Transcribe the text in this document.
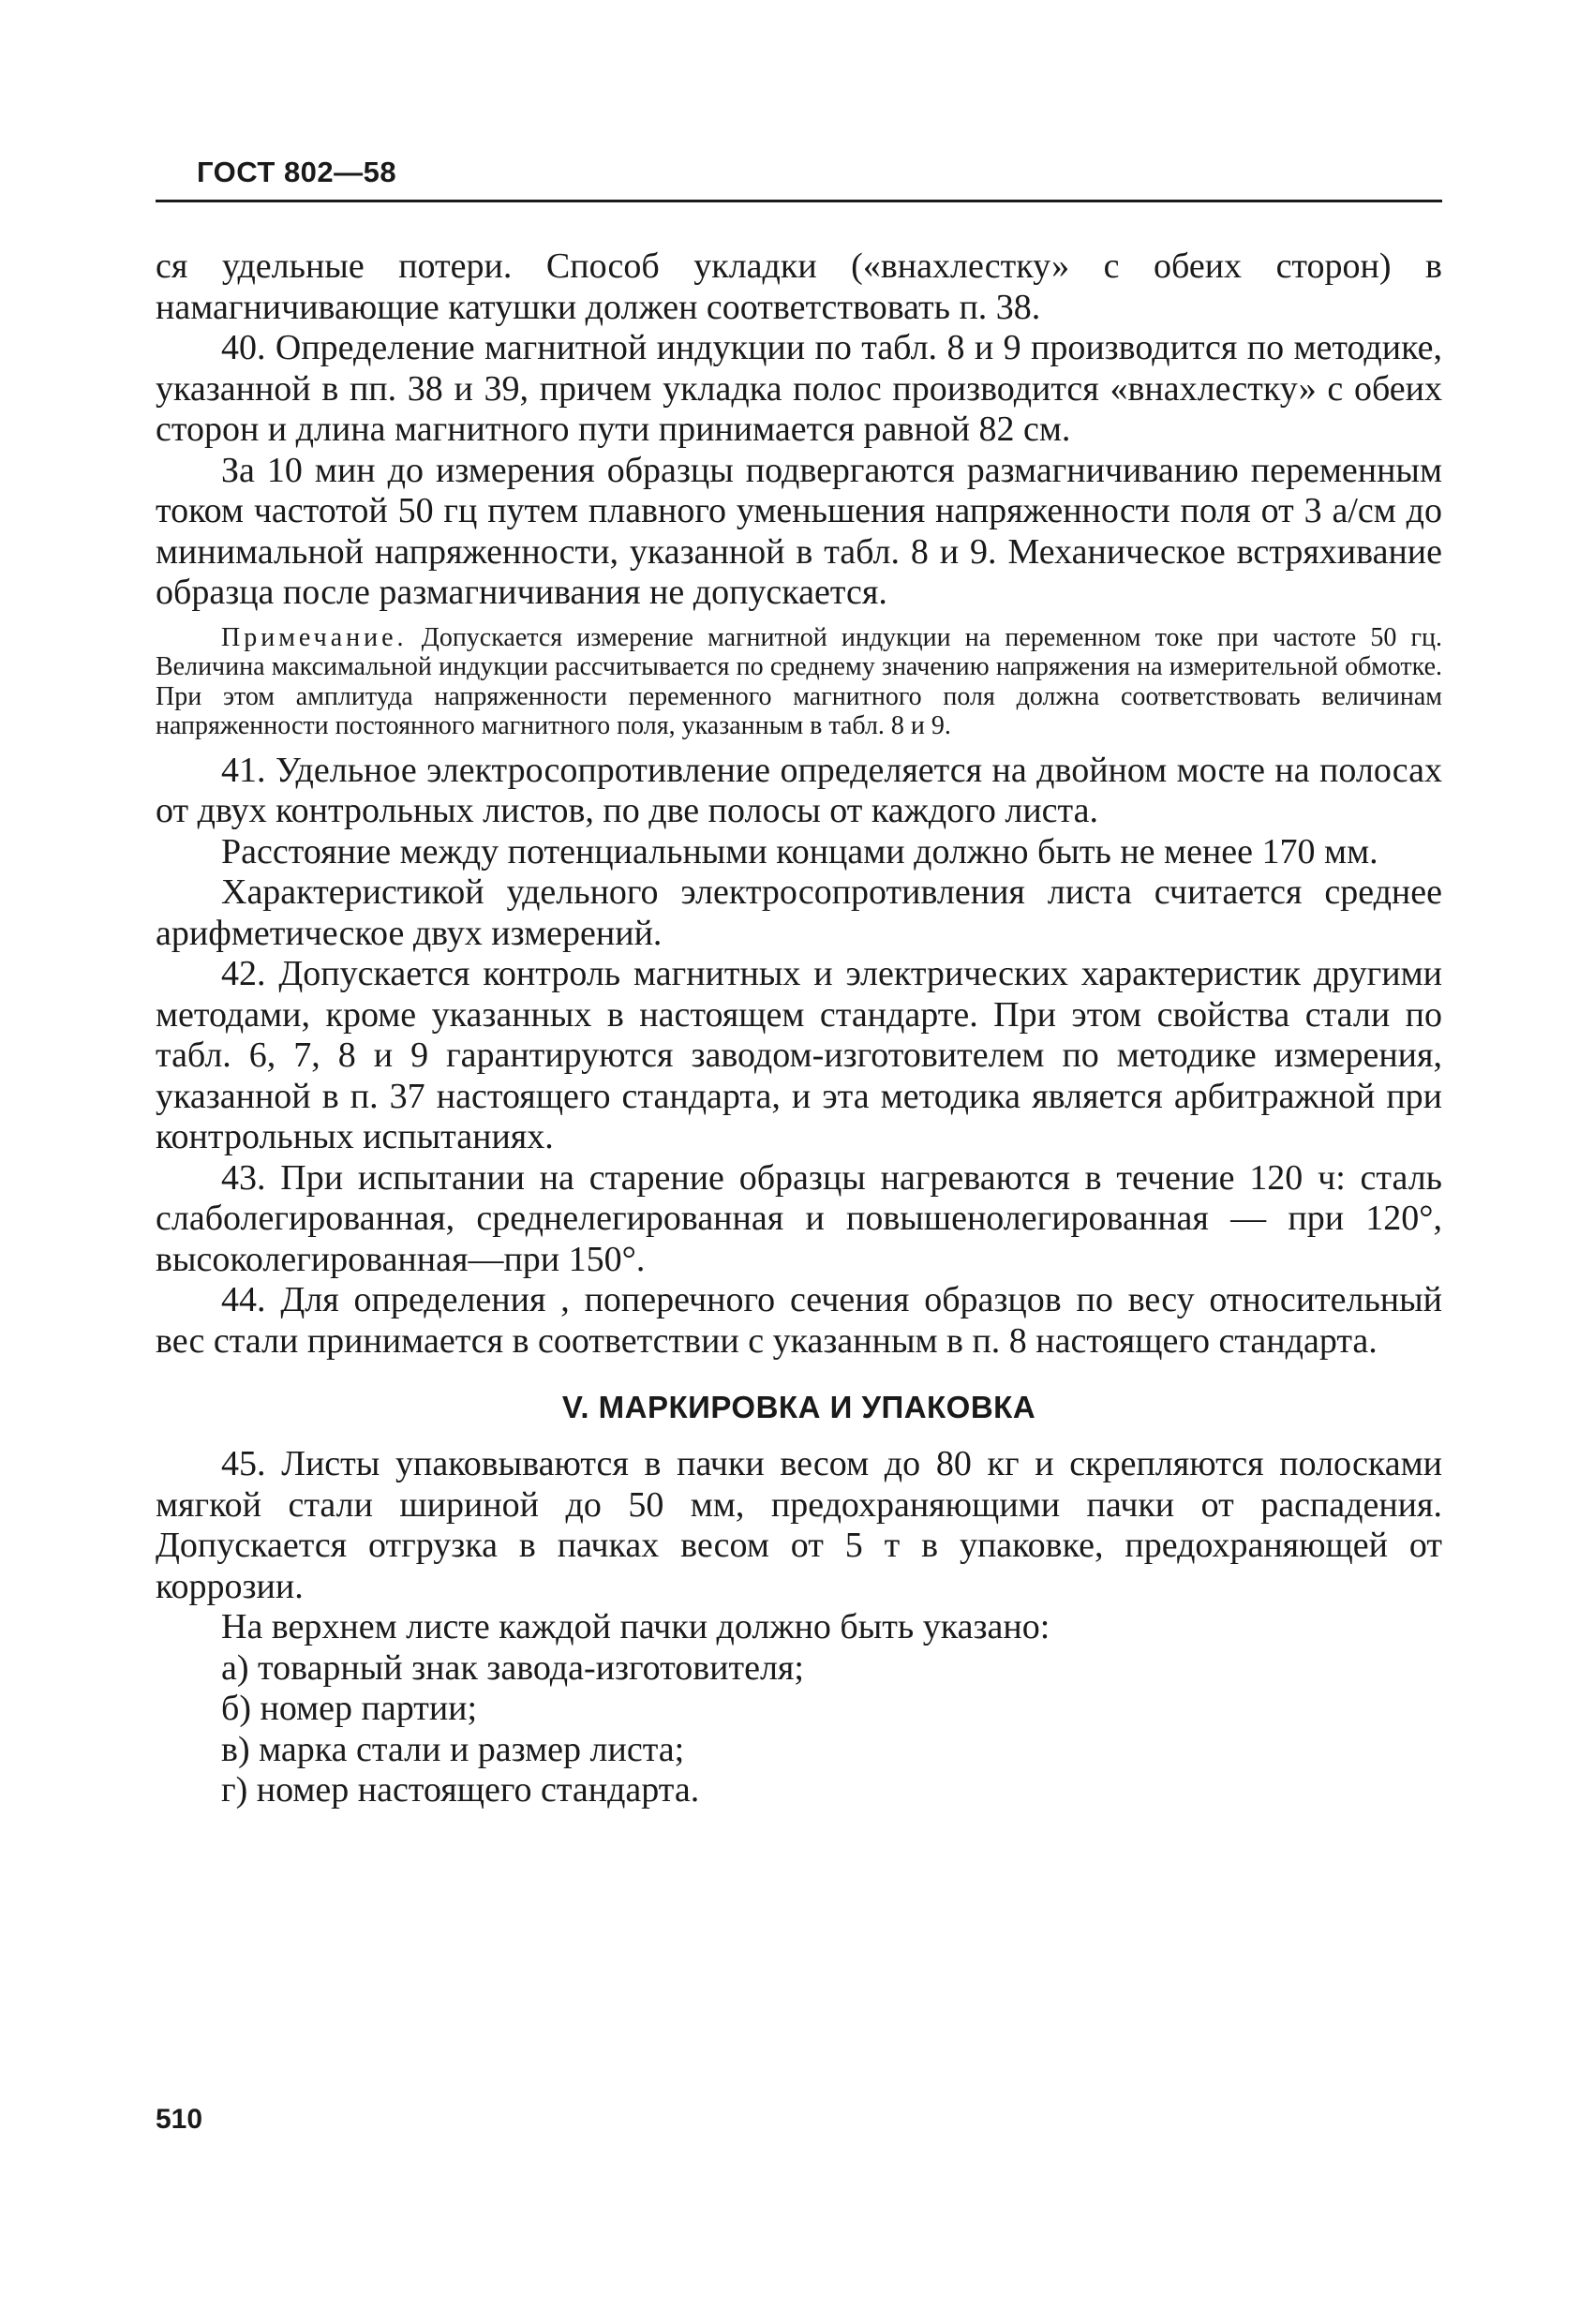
ГОСТ 802—58

ся удельные потери. Способ укладки («внахлестку» с обеих сторон) в намагничивающие катушки должен соответствовать п. 38.

40. Определение магнитной индукции по табл. 8 и 9 производится по методике, указанной в пп. 38 и 39, причем укладка полос производится «внахлестку» с обеих сторон и длина магнитного пути принимается равной 82 см.

За 10 мин до измерения образцы подвергаются размагничиванию переменным током частотой 50 гц путем плавного уменьшения напряженности поля от 3 а/см до минимальной напряженности, указанной в табл. 8 и 9. Механическое встряхивание образца после размагничивания не допускается.

Примечание. Допускается измерение магнитной индукции на переменном токе при частоте 50 гц. Величина максимальной индукции рассчитывается по среднему значению напряжения на измерительной обмотке. При этом амплитуда напряженности переменного магнитного поля должна соответствовать величинам напряженности постоянного магнитного поля, указанным в табл. 8 и 9.

41. Удельное электросопротивление определяется на двойном мосте на полосах от двух контрольных листов, по две полосы от каждого листа.

Расстояние между потенциальными концами должно быть не менее 170 мм.

Характеристикой удельного электросопротивления листа считается среднее арифметическое двух измерений.

42. Допускается контроль магнитных и электрических характеристик другими методами, кроме указанных в настоящем стандарте. При этом свойства стали по табл. 6, 7, 8 и 9 гарантируются заводом-изготовителем по методике измерения, указанной в п. 37 настоящего стандарта, и эта методика является арбитражной при контрольных испытаниях.

43. При испытании на старение образцы нагреваются в течение 120 ч: сталь слаболегированная, среднелегированная и повышенолегированная — при 120°, высоколегированная—при 150°.

44. Для определения , поперечного сечения образцов по весу относительный вес стали принимается в соответствии с указанным в п. 8 настоящего стандарта.

V. МАРКИРОВКА И УПАКОВКА

45. Листы упаковываются в пачки весом до 80 кг и скрепляются полосками мягкой стали шириной до 50 мм, предохраняющими пачки от распадения. Допускается отгрузка в пачках весом от 5 т в упаковке, предохраняющей от коррозии.

На верхнем листе каждой пачки должно быть указано:

а) товарный знак завода-изготовителя;

б) номер партии;

в) марка стали и размер листа;

г) номер настоящего стандарта.

510
